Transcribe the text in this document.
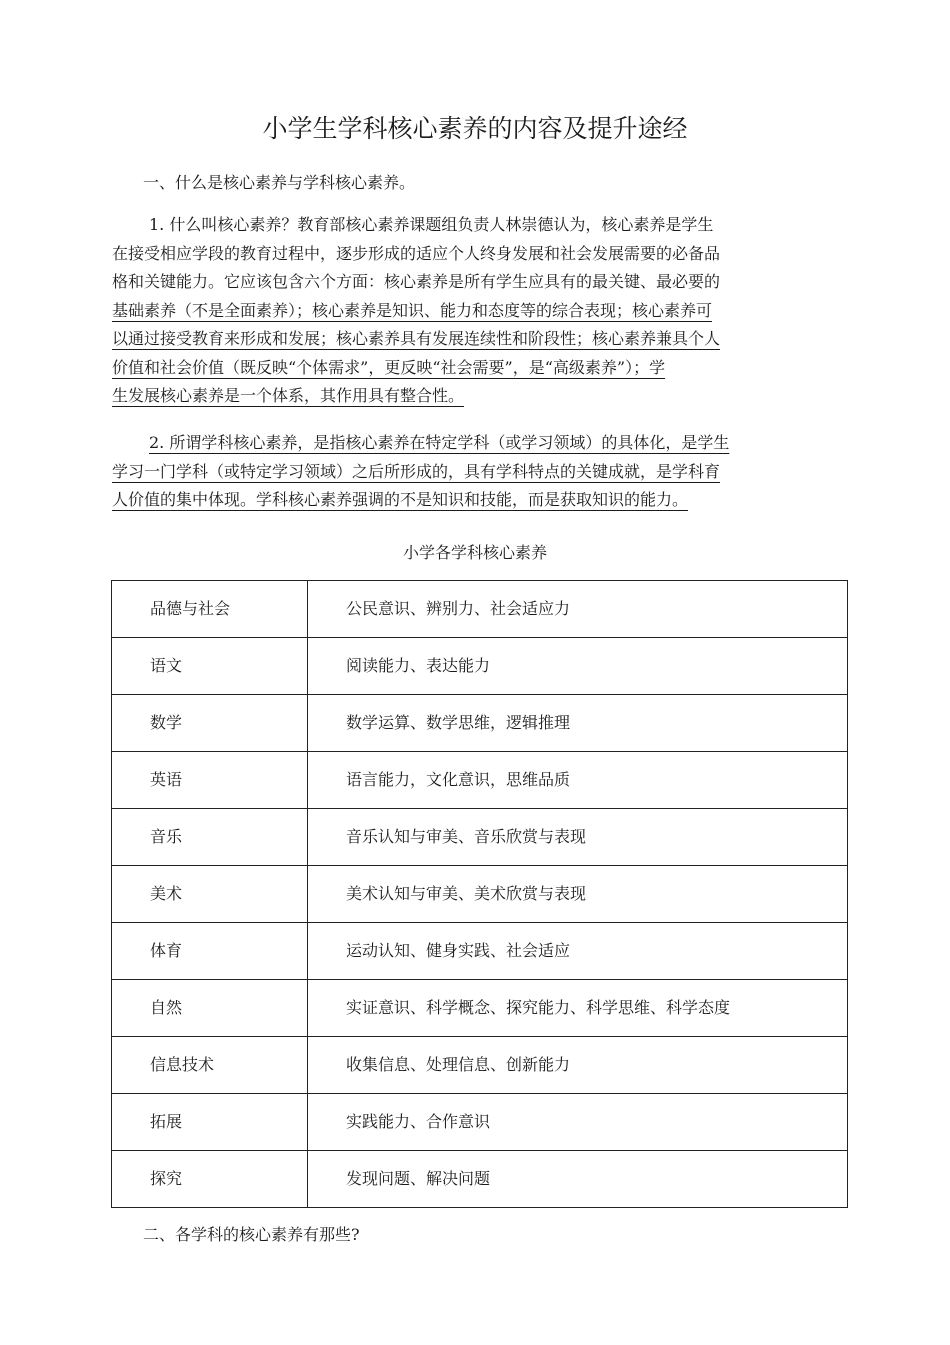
小学生学科核心素养的内容及提升途经
一、什么是核心素养与学科核心素养。
1. 什么叫核心素养？教育部核心素养课题组负责人林崇德认为，核心素养是学生
在接受相应学段的教育过程中，逐步形成的适应个人终身发展和社会发展需要的必备品
格和关键能力。它应该包含六个方面：核心素养是所有学生应具有的最关键、最必要的
基础素养（不是全面素养）；核心素养是知识、能力和态度等的综合表现；核心素养可
以通过接受教育来形成和发展；核心素养具有发展连续性和阶段性；核心素养兼具个人
价值和社会价值（既反映“个体需求”，更反映“社会需要”，是“高级素养”）；学
生发展核心素养是一个体系，其作用具有整合性。
2. 所谓学科核心素养，是指核心素养在特定学科（或学习领域）的具体化，是学生
学习一门学科（或特定学习领域）之后所形成的，具有学科特点的关键成就，是学科育
人价值的集中体现。学科核心素养强调的不是知识和技能，而是获取知识的能力。
小学各学科核心素养
品德与社会	公民意识、辨别力、社会适应力
语文	阅读能力、表达能力
数学	数学运算、数学思维，逻辑推理
英语	语言能力，文化意识，思维品质
音乐	音乐认知与审美、音乐欣赏与表现
美术	美术认知与审美、美术欣赏与表现
体育	运动认知、健身实践、社会适应
自然	实证意识、科学概念、探究能力、科学思维、科学态度
信息技术	收集信息、处理信息、创新能力
拓展	实践能力、合作意识
探究	发现问题、解决问题
二、各学科的核心素养有那些?
